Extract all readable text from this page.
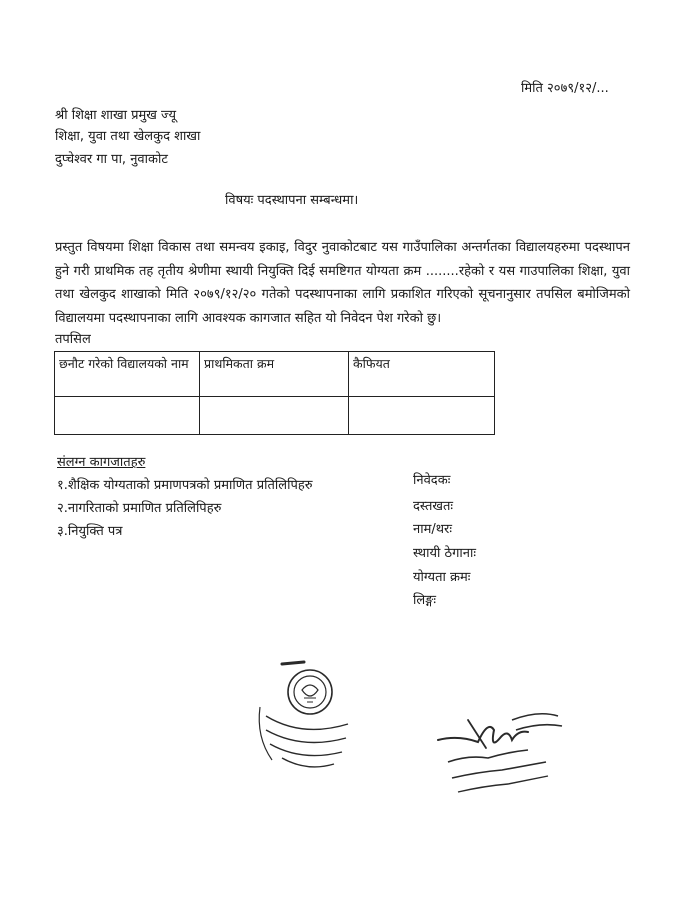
मिति २०७९/१२/...
श्री शिक्षा शाखा प्रमुख ज्यू
शिक्षा, युवा तथा खेलकुद शाखा
दुप्चेश्वर गा पा, नुवाकोट
विषयः पदस्थापना सम्बन्धमा।
प्रस्तुत विषयमा शिक्षा विकास तथा समन्वय इकाइ, विदुर नुवाकोटबाट यस गाउँपालिका अन्तर्गतका विद्यालयहरुमा पदस्थापन हुने गरी प्राथमिक तह तृतीय श्रेणीमा स्थायी नियुक्ति दिई समष्टिगत योग्यता क्रम ........रहेको र यस गाउपालिका शिक्षा, युवा तथा खेलकुद शाखाको मिति २०७९/१२/२० गतेको पदस्थापनाका लागि प्रकाशित गरिएको सूचनानुसार तपसिल बमोजिमको विद्यालयमा पदस्थापनाका लागि आवश्यक कागजात सहित यो निवेदन पेश गरेको छु।
तपसिल
छनौट गरेको विद्यालयको नाम	प्राथमिकता क्रम	कैफियत

संलग्न कागजातहरु
१.शैक्षिक योग्यताको प्रमाणपत्रको प्रमाणित प्रतिलिपिहरु
२.नागरिताको प्रमाणित प्रतिलिपिहरु
३.नियुक्ति पत्र
निवेदकः
दस्तखतः
नाम/थरः
स्थायी ठेगानाः
योग्यता क्रमः
लिङ्गः
